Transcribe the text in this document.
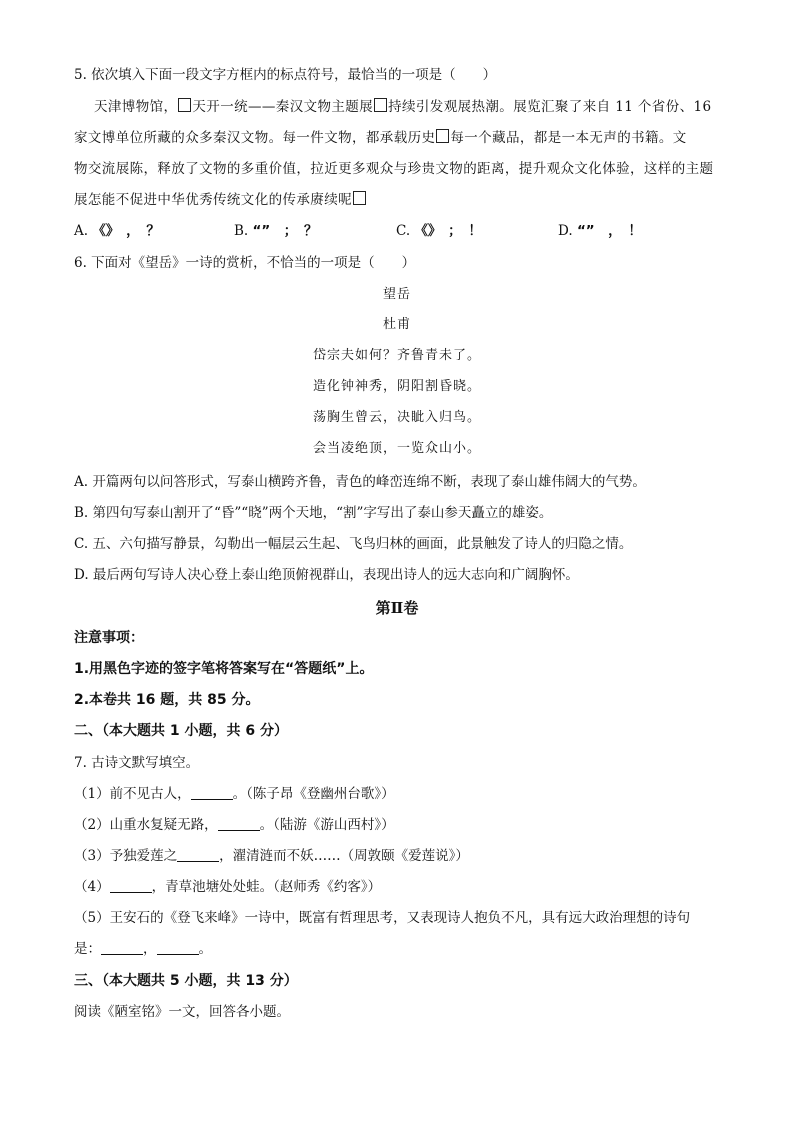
5. 依次填入下面一段文字方框内的标点符号，最恰当的一项是（　　）
天津博物馆， 天开一统——秦汉文物主题展 持续引发观展热潮。展览汇聚了来自 11 个省份、16
家文博单位所藏的众多秦汉文物。每一件文物，都承载历史 每一个藏品，都是一本无声的书籍。文
物交流展陈，释放了文物的多重价值，拉近更多观众与珍贵文物的距离，提升观众文化体验，这样的主题
展怎能不促进中华优秀传统文化的传承赓续呢
A. 《》　，　？	B. “”　；　？	C. 《》　；　！	D. “”　，　！
6. 下面对《望岳》一诗的赏析，不恰当的一项是（　　）
望岳
杜甫
岱宗夫如何？齐鲁青未了。
造化钟神秀，阴阳割昏晓。
荡胸生曾云，决眦入归鸟。
会当凌绝顶，一览众山小。
A. 开篇两句以问答形式，写泰山横跨齐鲁，青色的峰峦连绵不断，表现了泰山雄伟阔大的气势。
B. 第四句写泰山割开了“昏”“晓”两个天地，“割”字写出了泰山参天矗立的雄姿。
C. 五、六句描写静景，勾勒出一幅层云生起、飞鸟归林的画面，此景触发了诗人的归隐之情。
D. 最后两句写诗人决心登上泰山绝顶俯视群山，表现出诗人的远大志向和广阔胸怀。
第Ⅱ卷
注意事项：
1.用黑色字迹的签字笔将答案写在“答题纸”上。
2.本卷共 16 题，共 85 分。
二、（本大题共 1 小题，共 6 分）
7. 古诗文默写填空。
（1）前不见古人，	。（陈子昂《登幽州台歌》）
（2）山重水复疑无路，	。（陆游《游山西村》）
（3）予独爱莲之	，濯清涟而不妖……（周敦颐《爱莲说》）
（4）	，青草池塘处处蛙。（赵师秀《约客》）
（5）王安石的《登飞来峰》一诗中，既富有哲理思考，又表现诗人抱负不凡，具有远大政治理想的诗句
是：	，	。
三、（本大题共 5 小题，共 13 分）
阅读《陋室铭》一文，回答各小题。
